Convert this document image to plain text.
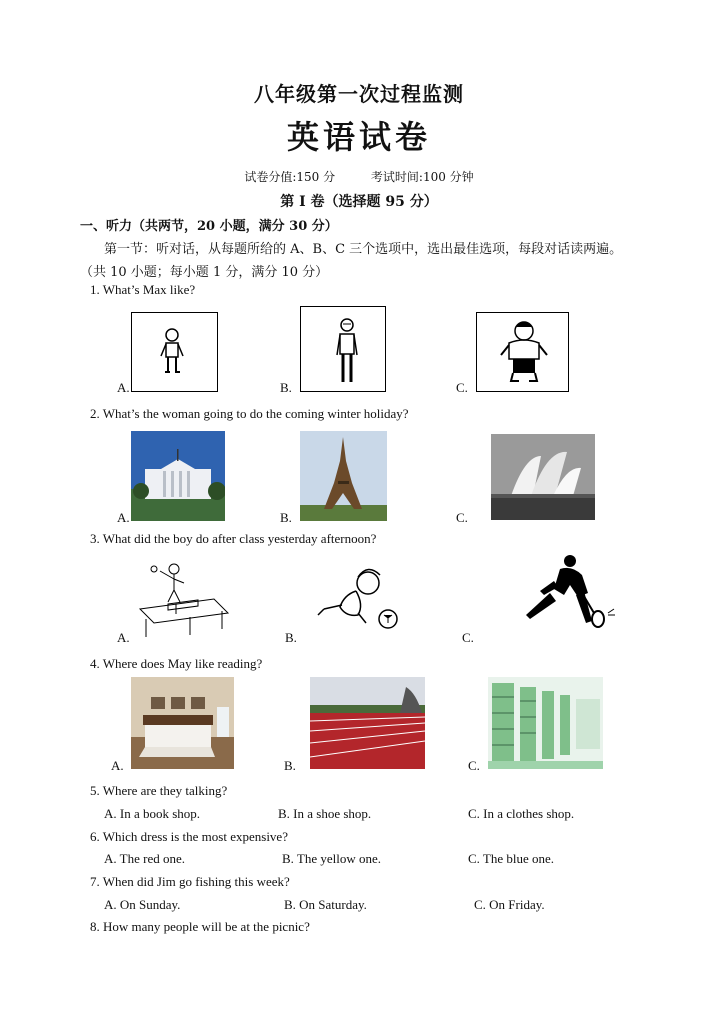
八年级第一次过程监测
英语试卷
试卷分值:150 分	考试时间:100 分钟
第 I 卷（选择题 95 分）
一、听力（共两节，20 小题，满分 30 分）
第一节：听对话，从每题所给的 A、B、C 三个选项中，选出最佳选项，每段对话读两遍。
（共 10 小题；每小题 1 分，满分 10 分）
1. What’s Max like?
A.	B.	C.
2. What’s the woman going to do the coming winter holiday?
A.	B.	C.
3. What did the boy do after class yesterday afternoon?
A.	B.	C.
4. Where does May like reading?
A.	B.	C.
5. Where are they talking?
A. In a book shop.	B. In a shoe shop.	C. In a clothes shop.
6. Which dress is the most expensive?
A. The red one.	B. The yellow one.	C. The blue one.
7. When did Jim go fishing this week?
A. On Sunday.	B. On Saturday.	C. On Friday.
8. How many people will be at the picnic?
